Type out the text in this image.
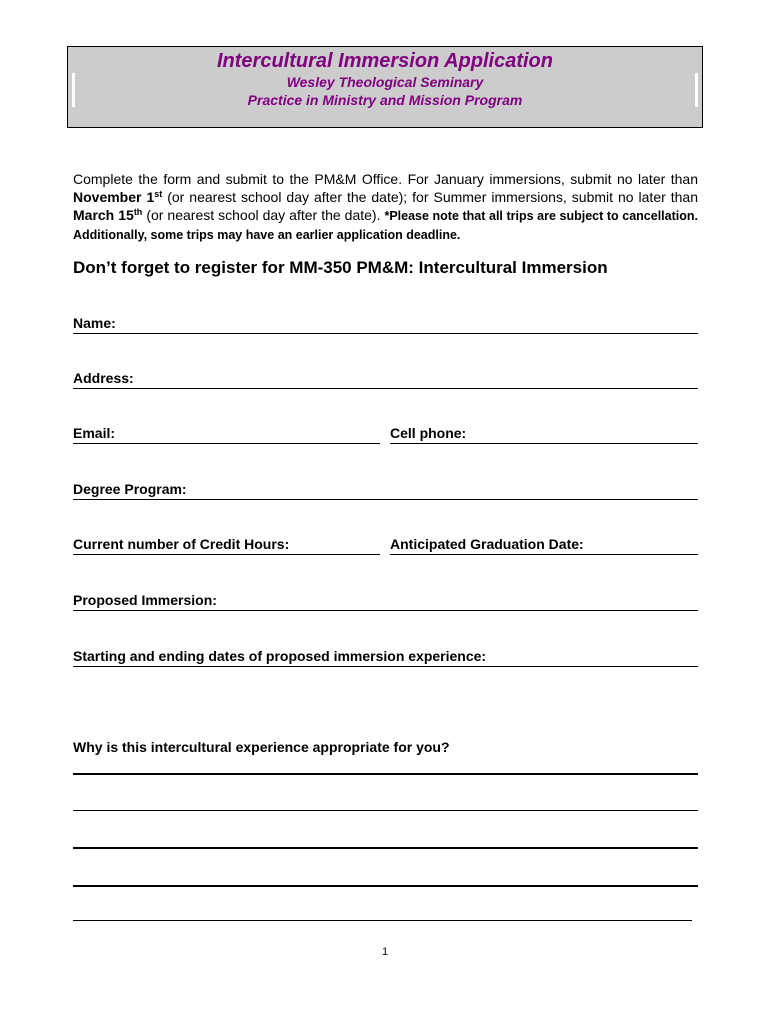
Intercultural Immersion Application
Wesley Theological Seminary
Practice in Ministry and Mission Program
Complete the form and submit to the PM&M Office. For January immersions, submit no later than November 1st (or nearest school day after the date); for Summer immersions, submit no later than March 15th (or nearest school day after the date). *Please note that all trips are subject to cancellation. Additionally, some trips may have an earlier application deadline.
Don’t forget to register for MM-350 PM&M: Intercultural Immersion
Name:
Address:
Email:	Cell phone:
Degree Program:
Current number of Credit Hours:	Anticipated Graduation Date:
Proposed Immersion:
Starting and ending dates of proposed immersion experience:
Why is this intercultural experience appropriate for you?
1
